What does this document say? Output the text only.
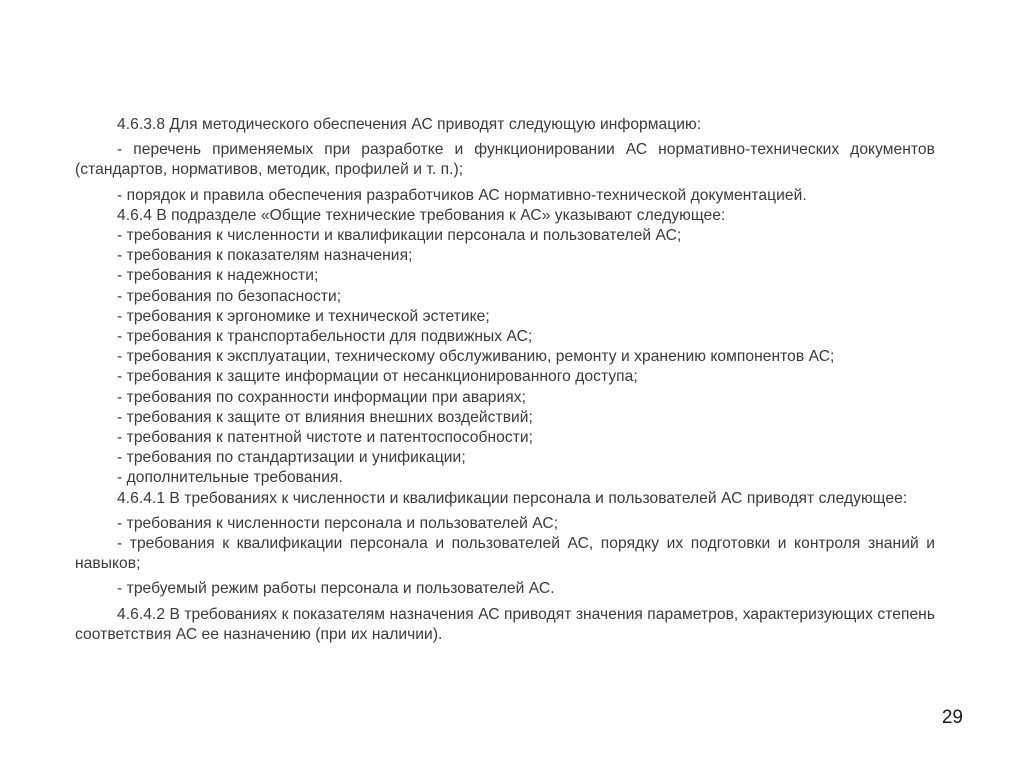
4.6.3.8 Для методического обеспечения АС приводят следующую информацию:

- перечень применяемых при разработке и функционировании АС нормативно-технических документов (стандартов, нормативов, методик, профилей и т. п.);

- порядок и правила обеспечения разработчиков АС нормативно-технической документацией.

4.6.4 В подразделе «Общие технические требования к АС» указывают следующее:

- требования к численности и квалификации персонала и пользователей АС;

- требования к показателям назначения;

- требования к надежности;

- требования по безопасности;

- требования к эргономике и технической эстетике;

- требования к транспортабельности для подвижных АС;

- требования к эксплуатации, техническому обслуживанию, ремонту и хранению компонентов АС;

- требования к защите информации от несанкционированного доступа;

- требования по сохранности информации при авариях;

- требования к защите от влияния внешних воздействий;

- требования к патентной чистоте и патентоспособности;

- требования по стандартизации и унификации;

- дополнительные требования.

4.6.4.1 В требованиях к численности и квалификации персонала и пользователей АС приводят следующее:

- требования к численности персонала и пользователей АС;

- требования к квалификации персонала и пользователей АС, порядку их подготовки и контроля знаний и навыков;

- требуемый режим работы персонала и пользователей АС.

4.6.4.2 В требованиях к показателям назначения АС приводят значения параметров, характеризующих степень соответствия АС ее назначению (при их наличии).

29
